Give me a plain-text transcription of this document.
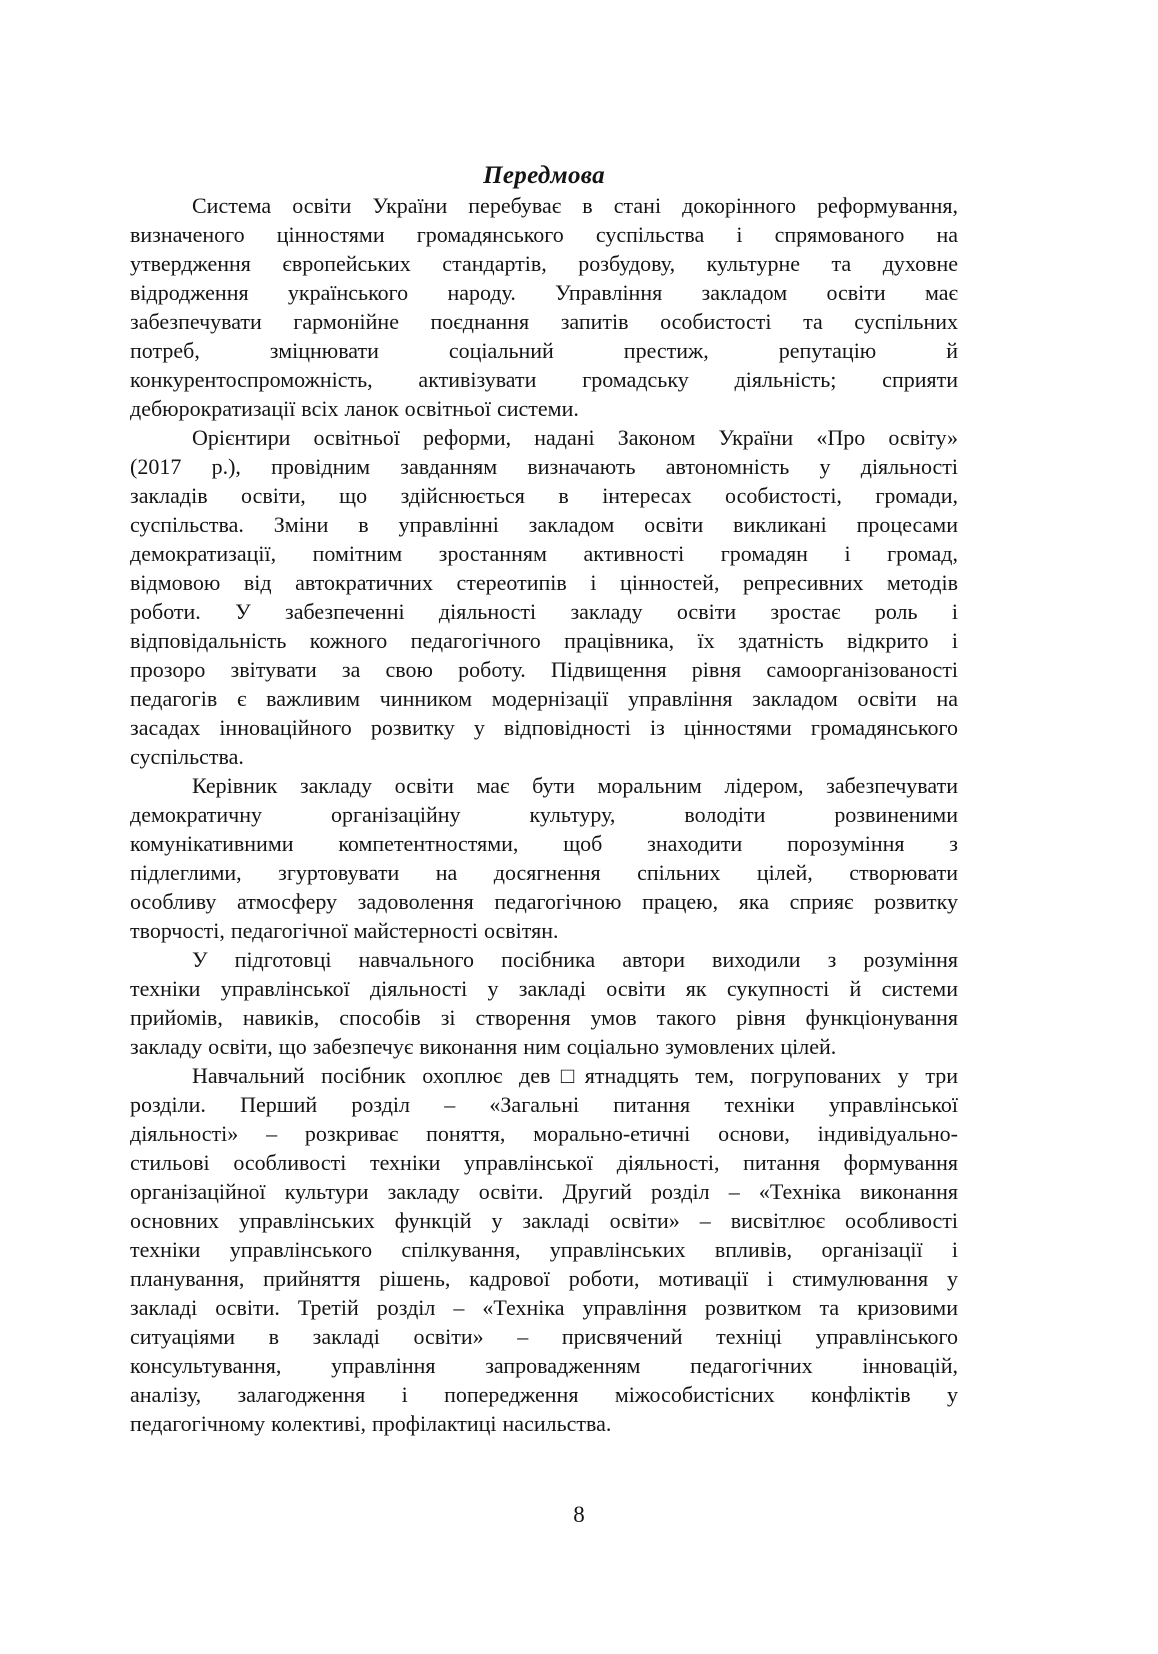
Передмова
Система освіти України перебуває в стані докорінного реформування,
визначеного цінностями громадянського суспільства і спрямованого на
утвердження європейських стандартів, розбудову, культурне та духовне
відродження українського народу. Управління закладом освіти має
забезпечувати гармонійне поєднання запитів особистості та суспільних
потреб, зміцнювати соціальний престиж, репутацію й
конкурентоспроможність, активізувати громадську діяльність; сприяти
дебюрократизації всіх ланок освітньої системи.
Орієнтири освітньої реформи, надані Законом України «Про освіту»
(2017 р.), провідним завданням визначають автономність у діяльності
закладів освіти, що здійснюється в інтересах особистості, громади,
суспільства. Зміни в управлінні закладом освіти викликані процесами
демократизації, помітним зростанням активності громадян і громад,
відмовою від автократичних стереотипів і цінностей, репресивних методів
роботи. У забезпеченні діяльності закладу освіти зростає роль і
відповідальність кожного педагогічного працівника, їх здатність відкрито і
прозоро звітувати за свою роботу. Підвищення рівня самоорганізованості
педагогів є важливим чинником модернізації управління закладом освіти на
засадах інноваційного розвитку у відповідності із цінностями громадянського
суспільства.
Керівник закладу освіти має бути моральним лідером, забезпечувати
демократичну організаційну культуру, володіти розвиненими
комунікативними компетентностями, щоб знаходити порозуміння з
підлеглими, згуртовувати на досягнення спільних цілей, створювати
особливу атмосферу задоволення педагогічною працею, яка сприяє розвитку
творчості, педагогічної майстерності освітян.
У підготовці навчального посібника автори виходили з розуміння
техніки управлінської діяльності у закладі освіти як сукупності й системи
прийомів, навиків, способів зі створення умов такого рівня функціонування
закладу освіти, що забезпечує виконання ним соціально зумовлених цілей.
Навчальний посібник охоплює дев□ятнадцять тем, погрупованих у три
розділи. Перший розділ – «Загальні питання техніки управлінської
діяльності» – розкриває поняття, морально-етичні основи, індивідуально-
стильові особливості техніки управлінської діяльності, питання формування
організаційної культури закладу освіти. Другий розділ – «Техніка виконання
основних управлінських функцій у закладі освіти» – висвітлює особливості
техніки управлінського спілкування, управлінських впливів, організації і
планування, прийняття рішень, кадрової роботи, мотивації і стимулювання у
закладі освіти. Третій розділ – «Техніка управління розвитком та кризовими
ситуаціями в закладі освіти» – присвячений техніці управлінського
консультування, управління запровадженням педагогічних інновацій,
аналізу, залагодження і попередження міжособистісних конфліктів у
педагогічному колективі, профілактиці насильства.
8
